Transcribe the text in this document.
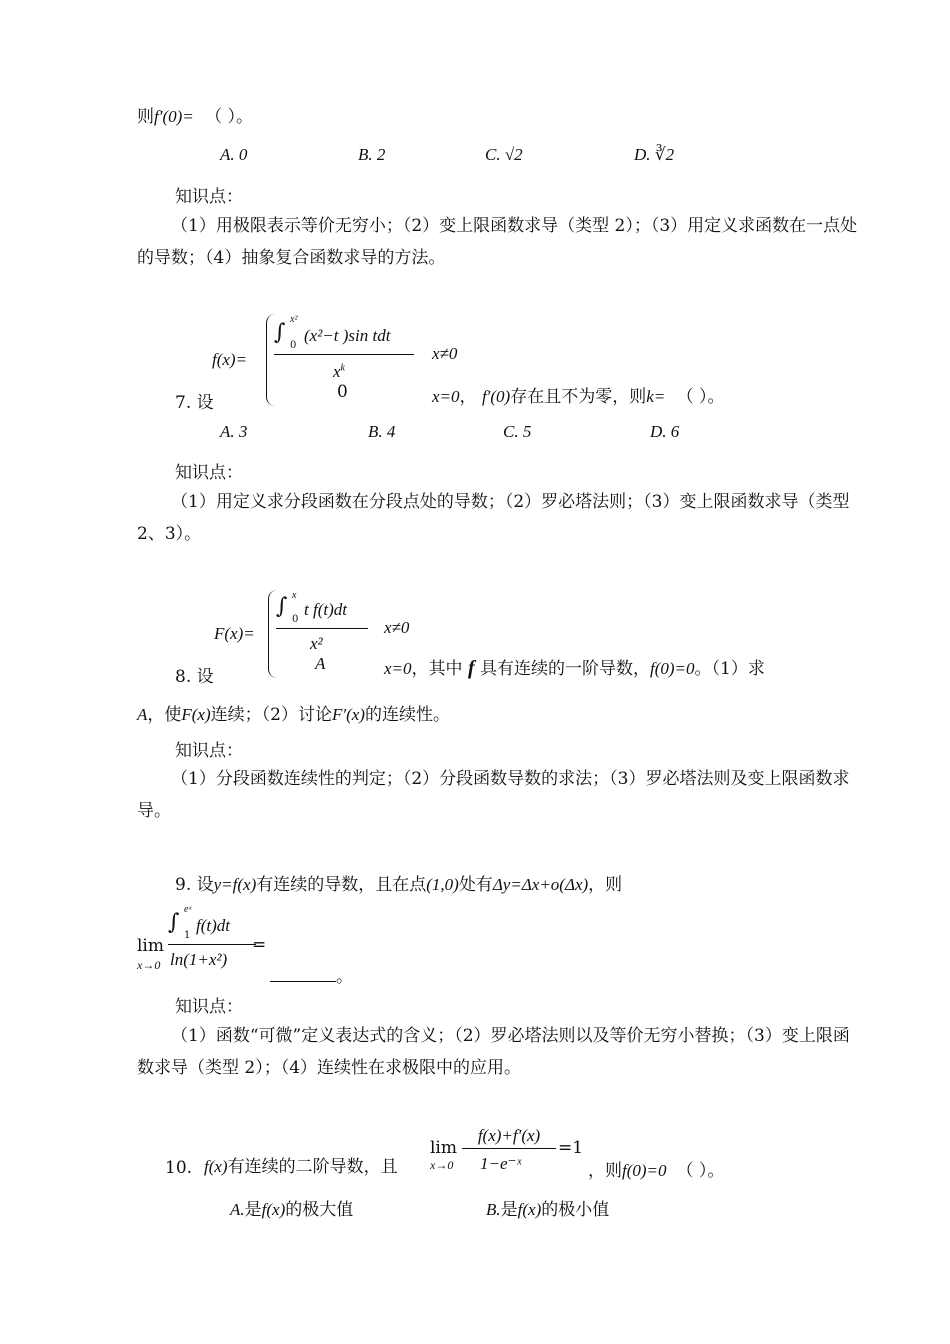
则f′(0)= （ ）。
A. 0	B. 2	C. √2	D. ∛2
知识点：
（1）用极限表示等价无穷小；（2）变上限函数求导（类型 2）；（3）用定义求函数在一点处的导数；（4）抽象复合函数求导的方法。
7. 设
f(x)=
∫
x²
0
(x²−t )sin tdt
$x^k$
x≠0
0	x=0， f′(0)存在且不为零，则k= （ ）。
A. 3	B. 4	C. 5	D. 6
知识点：
（1）用定义求分段函数在分段点处的导数；（2）罗必塔法则；（3）变上限函数求导（类型 2、3）。
8. 设
F(x)=
∫ x
0
t f(t)dt
x²
x≠0
A	x=0，其中 f 具有连续的一阶导数，f(0)=0。（1）求
A，使F(x)连续；（2）讨论F′(x)的连续性。
知识点：
（1）分段函数连续性的判定；（2）分段函数导数的求法；（3）罗必塔法则及变上限函数求导。
9. 设y=f(x)有连续的导数，且在点(1,0)处有Δy=Δx+o(Δx)，则
lim
x→0
∫
eˣ
1
f(t)dt
ln(1+x²)
=
。
知识点：
（1）函数“可微”定义表达式的含义；（2）罗必塔法则以及等价无穷小替换；（3）变上限函数求导（类型 2）；（4）连续性在求极限中的应用。
10. f(x)有连续的二阶导数，且
lim
x→0
f(x)+f′(x)
1−e⁻ˣ
=1
，则f(0)=0 （ ）。
A.是f(x)的极大值	B.是f(x)的极小值
